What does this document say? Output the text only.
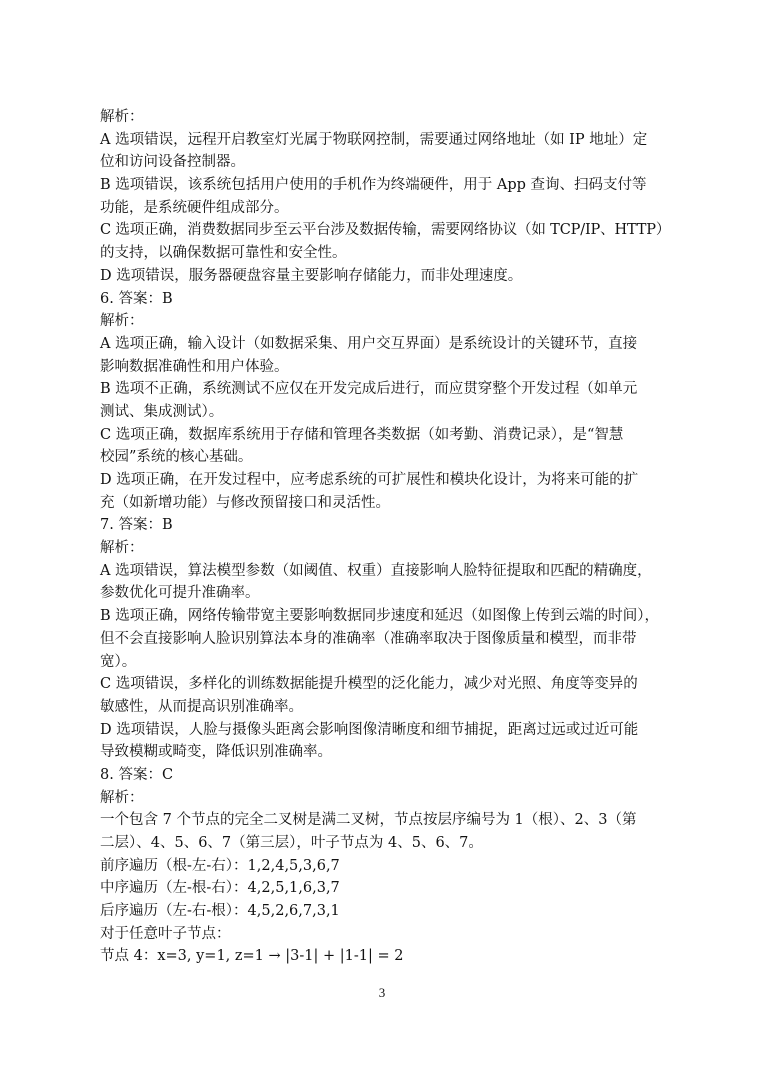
解析：
A 选项错误，远程开启教室灯光属于物联网控制，需要通过网络地址（如 IP 地址）定
位和访问设备控制器。
B 选项错误，该系统包括用户使用的手机作为终端硬件，用于 App 查询、扫码支付等
功能，是系统硬件组成部分。
C 选项正确，消费数据同步至云平台涉及数据传输，需要网络协议（如 TCP/IP、HTTP）
的支持，以确保数据可靠性和安全性。
D 选项错误，服务器硬盘容量主要影响存储能力，而非处理速度。
6. 答案：B
解析：
A 选项正确，输入设计（如数据采集、用户交互界面）是系统设计的关键环节，直接
影响数据准确性和用户体验。
B 选项不正确，系统测试不应仅在开发完成后进行，而应贯穿整个开发过程（如单元
测试、集成测试）。
C 选项正确，数据库系统用于存储和管理各类数据（如考勤、消费记录），是“智慧
校园”系统的核心基础。
D 选项正确，在开发过程中，应考虑系统的可扩展性和模块化设计，为将来可能的扩
充（如新增功能）与修改预留接口和灵活性。
7. 答案：B
解析：
A 选项错误，算法模型参数（如阈值、权重）直接影响人脸特征提取和匹配的精确度，
参数优化可提升准确率。
B 选项正确，网络传输带宽主要影响数据同步速度和延迟（如图像上传到云端的时间），
但不会直接影响人脸识别算法本身的准确率（准确率取决于图像质量和模型，而非带
宽）。
C 选项错误，多样化的训练数据能提升模型的泛化能力，减少对光照、角度等变异的
敏感性，从而提高识别准确率。
D 选项错误，人脸与摄像头距离会影响图像清晰度和细节捕捉，距离过远或过近可能
导致模糊或畸变，降低识别准确率。
8. 答案：C
解析：
一个包含 7 个节点的完全二叉树是满二叉树，节点按层序编号为 1（根）、2、3（第
二层）、4、5、6、7（第三层），叶子节点为 4、5、6、7。
前序遍历（根-左-右）：1,2,4,5,3,6,7
中序遍历（左-根-右）：4,2,5,1,6,3,7
后序遍历（左-右-根）：4,5,2,6,7,3,1
对于任意叶子节点：
节点 4：x=3, y=1, z=1 → |3-1| + |1-1| = 2
3
